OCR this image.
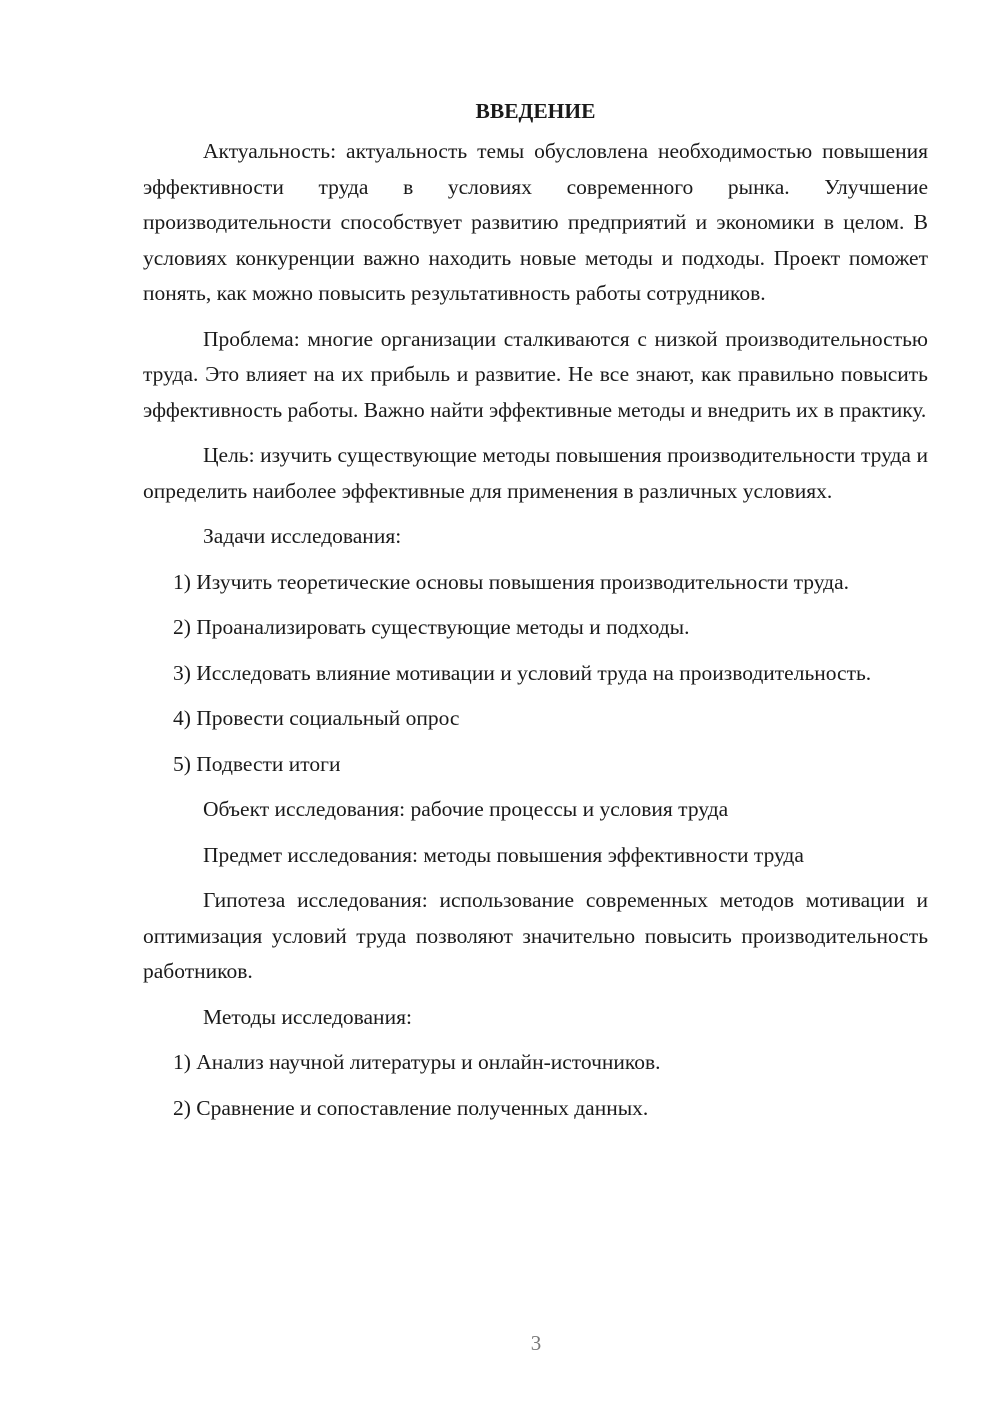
ВВЕДЕНИЕ

Актуальность: актуальность темы обусловлена необходимостью повышения эффективности труда в условиях современного рынка. Улучшение производительности способствует развитию предприятий и экономики в целом. В условиях конкуренции важно находить новые методы и подходы. Проект поможет понять, как можно повысить результативность работы сотрудников.

Проблема: многие организации сталкиваются с низкой производительностью труда. Это влияет на их прибыль и развитие. Не все знают, как правильно повысить эффективность работы. Важно найти эффективные методы и внедрить их в практику.

Цель: изучить существующие методы повышения производительности труда и определить наиболее эффективные для применения в различных условиях.

Задачи исследования:

1) Изучить теоретические основы повышения производительности труда.

2) Проанализировать существующие методы и подходы.

3) Исследовать влияние мотивации и условий труда на производительность.

4) Провести социальный опрос

5) Подвести итоги

Объект исследования: рабочие процессы и условия труда

Предмет исследования: методы повышения эффективности труда

Гипотеза исследования: использование современных методов мотивации и оптимизация условий труда позволяют значительно повысить производительность работников.

Методы исследования:

1) Анализ научной литературы и онлайн-источников.

2) Сравнение и сопоставление полученных данных.

3
